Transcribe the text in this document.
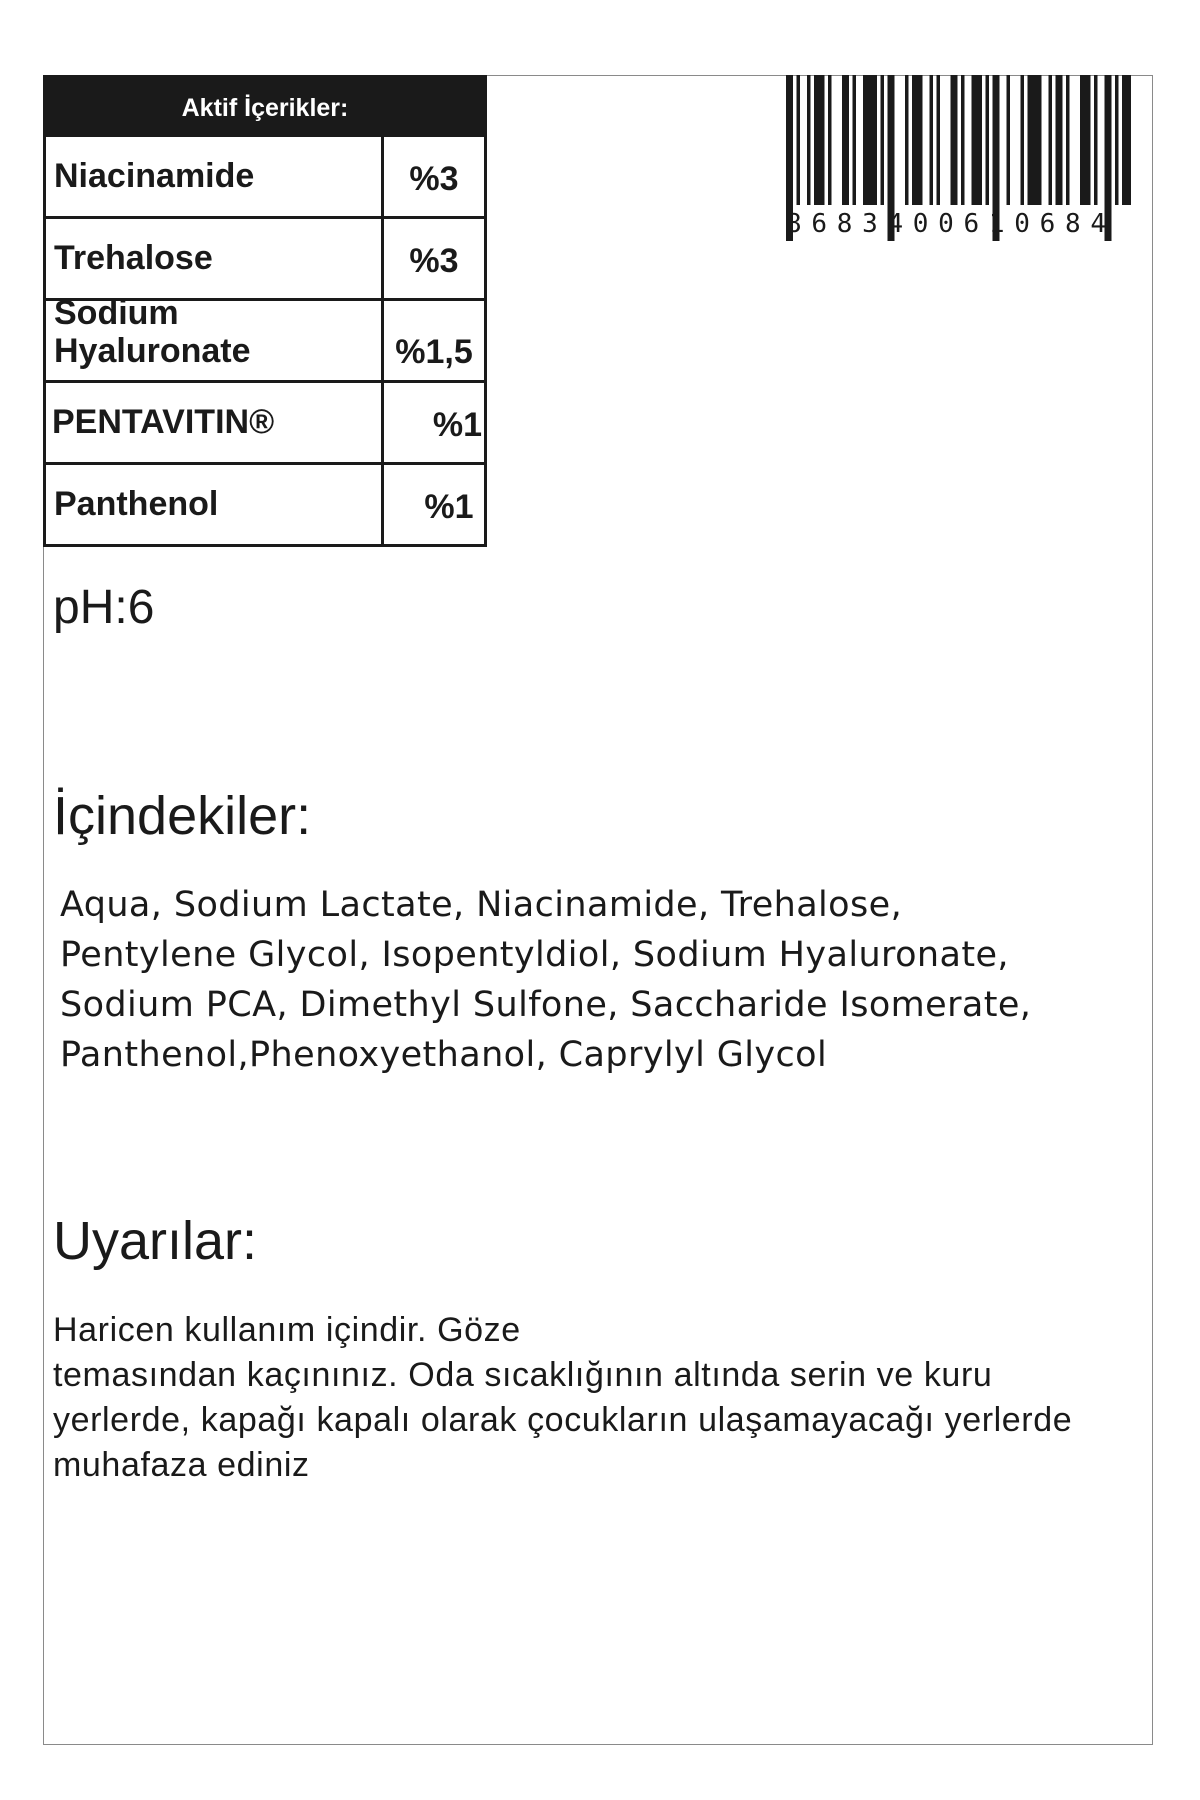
Aktif İçerikler:
Niacinamide	%3
Trehalose	%3
Sodium Hyaluronate	%1,5
PENTAVITIN®	%1
Panthenol	%1
8683400610684
pH:6
İçindekiler:
Aqua, Sodium Lactate, Niacinamide, Trehalose, Pentylene Glycol, Isopentyldiol, Sodium Hyaluronate, Sodium PCA, Dimethyl Sulfone, Saccharide Isomerate, Panthenol,Phenoxyethanol, Caprylyl Glycol
Uyarılar:

Haricen kullanım içindir. Göze

temasından kaçınınız. Oda sıcaklığının altında serin ve kuru yerlerde, kapağı kapalı olarak çocukların ulaşamayacağı yerlerde muhafaza ediniz
